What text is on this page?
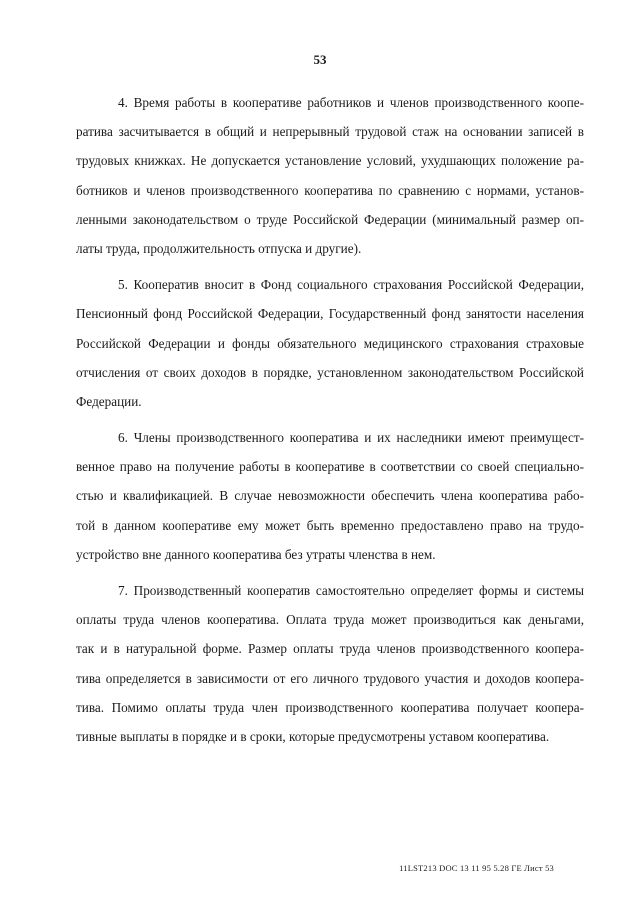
53
4. Время работы в кооперативе работников и членов производственного коопе-
ратива засчитывается в общий и непрерывный трудовой стаж на основании записей в
трудовых книжках. Не допускается установление условий, ухудшающих положение ра-
ботников и членов производственного кооператива по сравнению с нормами, установ-
ленными законодательством о труде Российской Федерации (минимальный размер оп-
латы труда, продолжительность отпуска и другие).
5. Кооператив вносит в Фонд социального страхования Российской Федерации,
Пенсионный фонд Российской Федерации, Государственный фонд занятости населения
Российской Федерации и фонды обязательного медицинского страхования страховые
отчисления от своих доходов в порядке, установленном законодательством Российской
Федерации.
6. Члены производственного кооператива и их наследники имеют преимущест-
венное право на получение работы в кооперативе в соответствии со своей специально-
стью и квалификацией. В случае невозможности обеспечить члена кооператива рабо-
той в данном кооперативе ему может быть временно предоставлено право на трудо-
устройство вне данного кооператива без утраты членства в нем.
7. Производственный кооператив самостоятельно определяет формы и системы
оплаты труда членов кооператива. Оплата труда может производиться как деньгами,
так и в натуральной форме. Размер оплаты труда членов производственного коопера-
тива определяется в зависимости от его личного трудового участия и доходов коопера-
тива. Помимо оплаты труда член производственного кооператива получает коопера-
тивные выплаты в порядке и в сроки, которые предусмотрены уставом кооператива.
11LST213 DOC 13 11 95 5.28 ГЕ Лист 53
